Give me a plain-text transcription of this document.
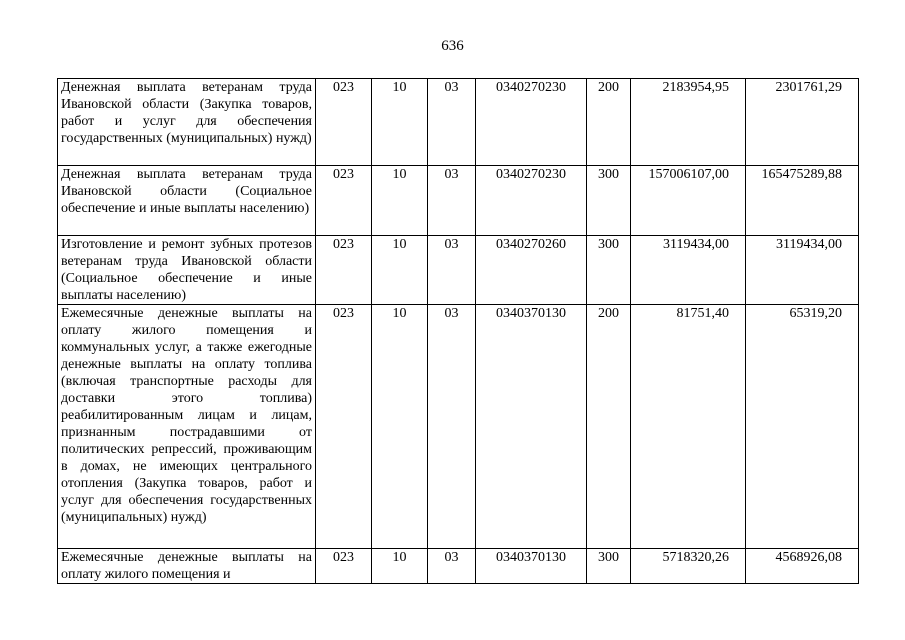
636
Денежная выплата ветеранам труда Ивановской области (Закупка товаров, работ и услуг для обеспечения государственных (муниципальных) нужд)	023	10	03	0340270230	200	2183954,95	2301761,29
Денежная выплата ветеранам труда Ивановской области (Социальное обеспечение и иные выплаты населению)	023	10	03	0340270230	300	157006107,00	165475289,88
Изготовление и ремонт зубных протезов ветеранам труда Ивановской области (Социальное обеспечение и иные выплаты населению)	023	10	03	0340270260	300	3119434,00	3119434,00
Ежемесячные денежные выплаты на оплату жилого помещения и коммунальных услуг, а также ежегодные денежные выплаты на оплату топлива (включая транспортные расходы для доставки этого топлива) реабилитированным лицам и лицам, признанным пострадавшими от политических репрессий, проживающим в домах, не имеющих центрального отопления (Закупка товаров, работ и услуг для обеспечения государственных (муниципальных) нужд)	023	10	03	0340370130	200	81751,40	65319,20
Ежемесячные денежные выплаты на оплату жилого помещения и	023	10	03	0340370130	300	5718320,26	4568926,08
